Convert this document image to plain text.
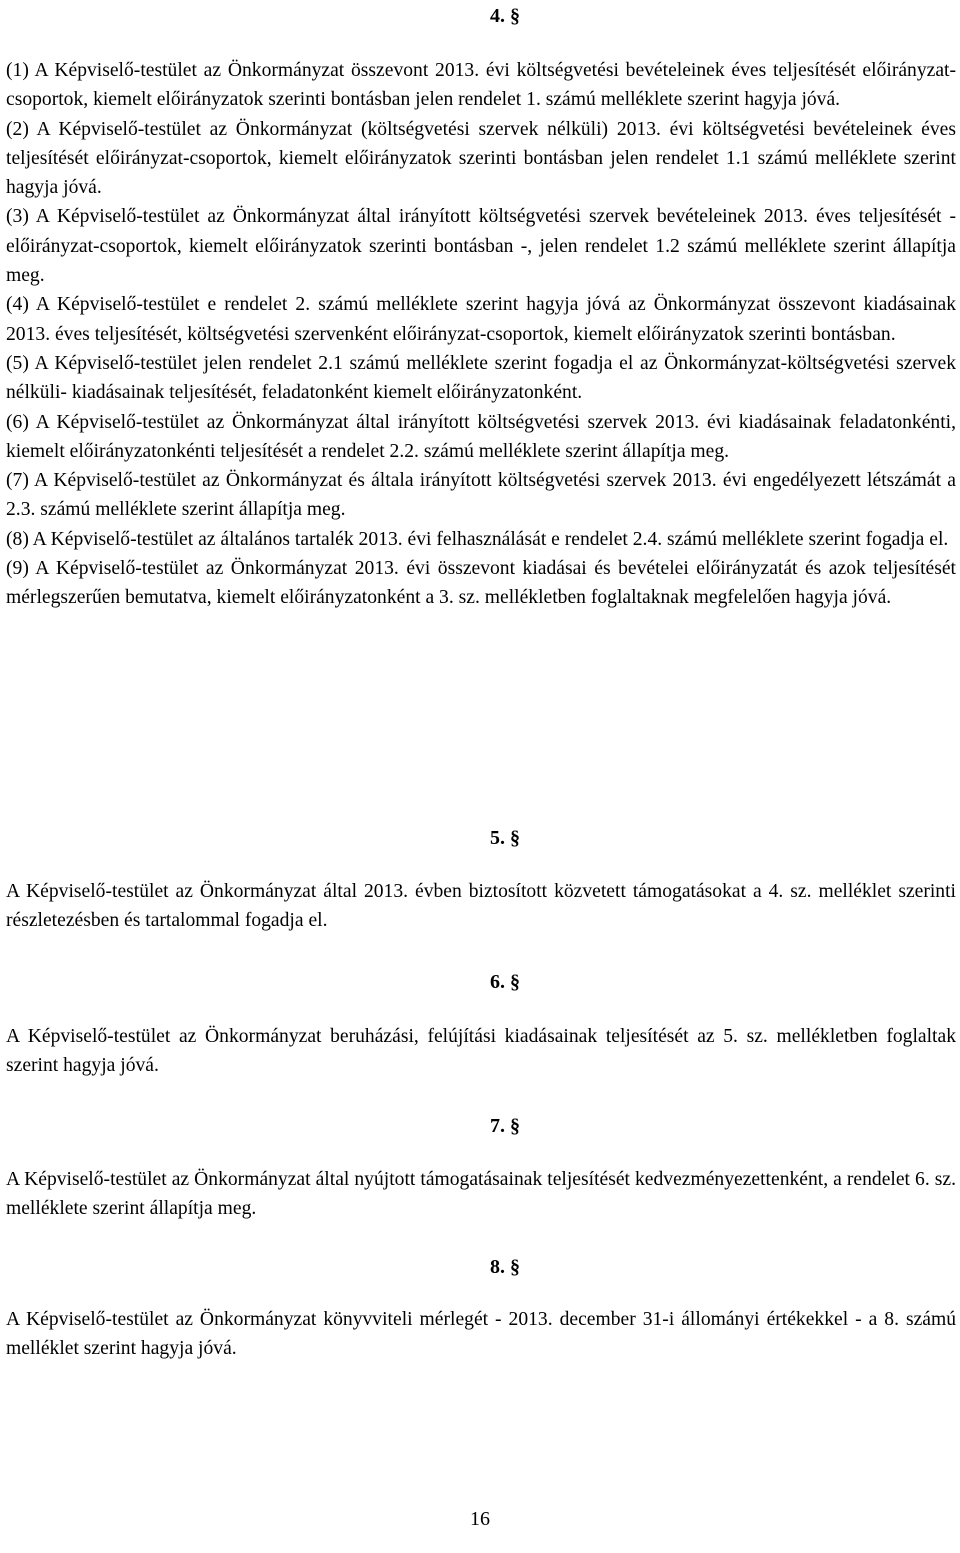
4. §

(1) A Képviselő-testület az Önkormányzat összevont 2013. évi költségvetési bevételeinek éves teljesítését előirányzat-csoportok, kiemelt előirányzatok szerinti bontásban jelen rendelet 1. számú melléklete szerint hagyja jóvá.

(2) A Képviselő-testület az Önkormányzat (költségvetési szervek nélküli) 2013. évi költségvetési bevételeinek éves teljesítését előirányzat-csoportok, kiemelt előirányzatok szerinti bontásban jelen rendelet 1.1 számú melléklete szerint hagyja jóvá.

(3) A Képviselő-testület az Önkormányzat által irányított költségvetési szervek bevételeinek 2013. éves teljesítését - előirányzat-csoportok, kiemelt előirányzatok szerinti bontásban -, jelen rendelet 1.2 számú melléklete szerint állapítja meg.

(4) A Képviselő-testület e rendelet 2. számú melléklete szerint hagyja jóvá az Önkormányzat összevont kiadásainak 2013. éves teljesítését, költségvetési szervenként előirányzat-csoportok, kiemelt előirányzatok szerinti bontásban.

(5) A Képviselő-testület jelen rendelet 2.1 számú melléklete szerint fogadja el az Önkormányzat-költségvetési szervek nélküli- kiadásainak teljesítését, feladatonként kiemelt előirányzatonként.

(6) A Képviselő-testület az Önkormányzat által irányított költségvetési szervek 2013. évi kiadásainak feladatonkénti, kiemelt előirányzatonkénti teljesítését a rendelet 2.2. számú melléklete szerint állapítja meg.

(7) A Képviselő-testület az Önkormányzat és általa irányított költségvetési szervek 2013. évi engedélyezett létszámát a 2.3. számú melléklete szerint állapítja meg.

(8) A Képviselő-testület az általános tartalék 2013. évi felhasználását e rendelet 2.4. számú melléklete szerint fogadja el.

(9) A Képviselő-testület az Önkormányzat 2013. évi összevont kiadásai és bevételei előirányzatát és azok teljesítését mérlegszerűen bemutatva, kiemelt előirányzatonként a 3. sz. mellékletben foglaltaknak megfelelően hagyja jóvá.

5. §

A Képviselő-testület az Önkormányzat által 2013. évben biztosított közvetett támogatásokat a 4. sz. melléklet szerinti részletezésben és tartalommal fogadja el.

6. §

A Képviselő-testület az Önkormányzat beruházási, felújítási kiadásainak teljesítését az 5. sz. mellékletben foglaltak szerint hagyja jóvá.

7. §

A Képviselő-testület az Önkormányzat által nyújtott támogatásainak teljesítését kedvezményezettenként, a rendelet 6. sz. melléklete szerint állapítja meg.

8. §

A Képviselő-testület az Önkormányzat könyvviteli mérlegét - 2013. december 31-i állományi értékekkel - a 8. számú melléklet szerint hagyja jóvá.

16
